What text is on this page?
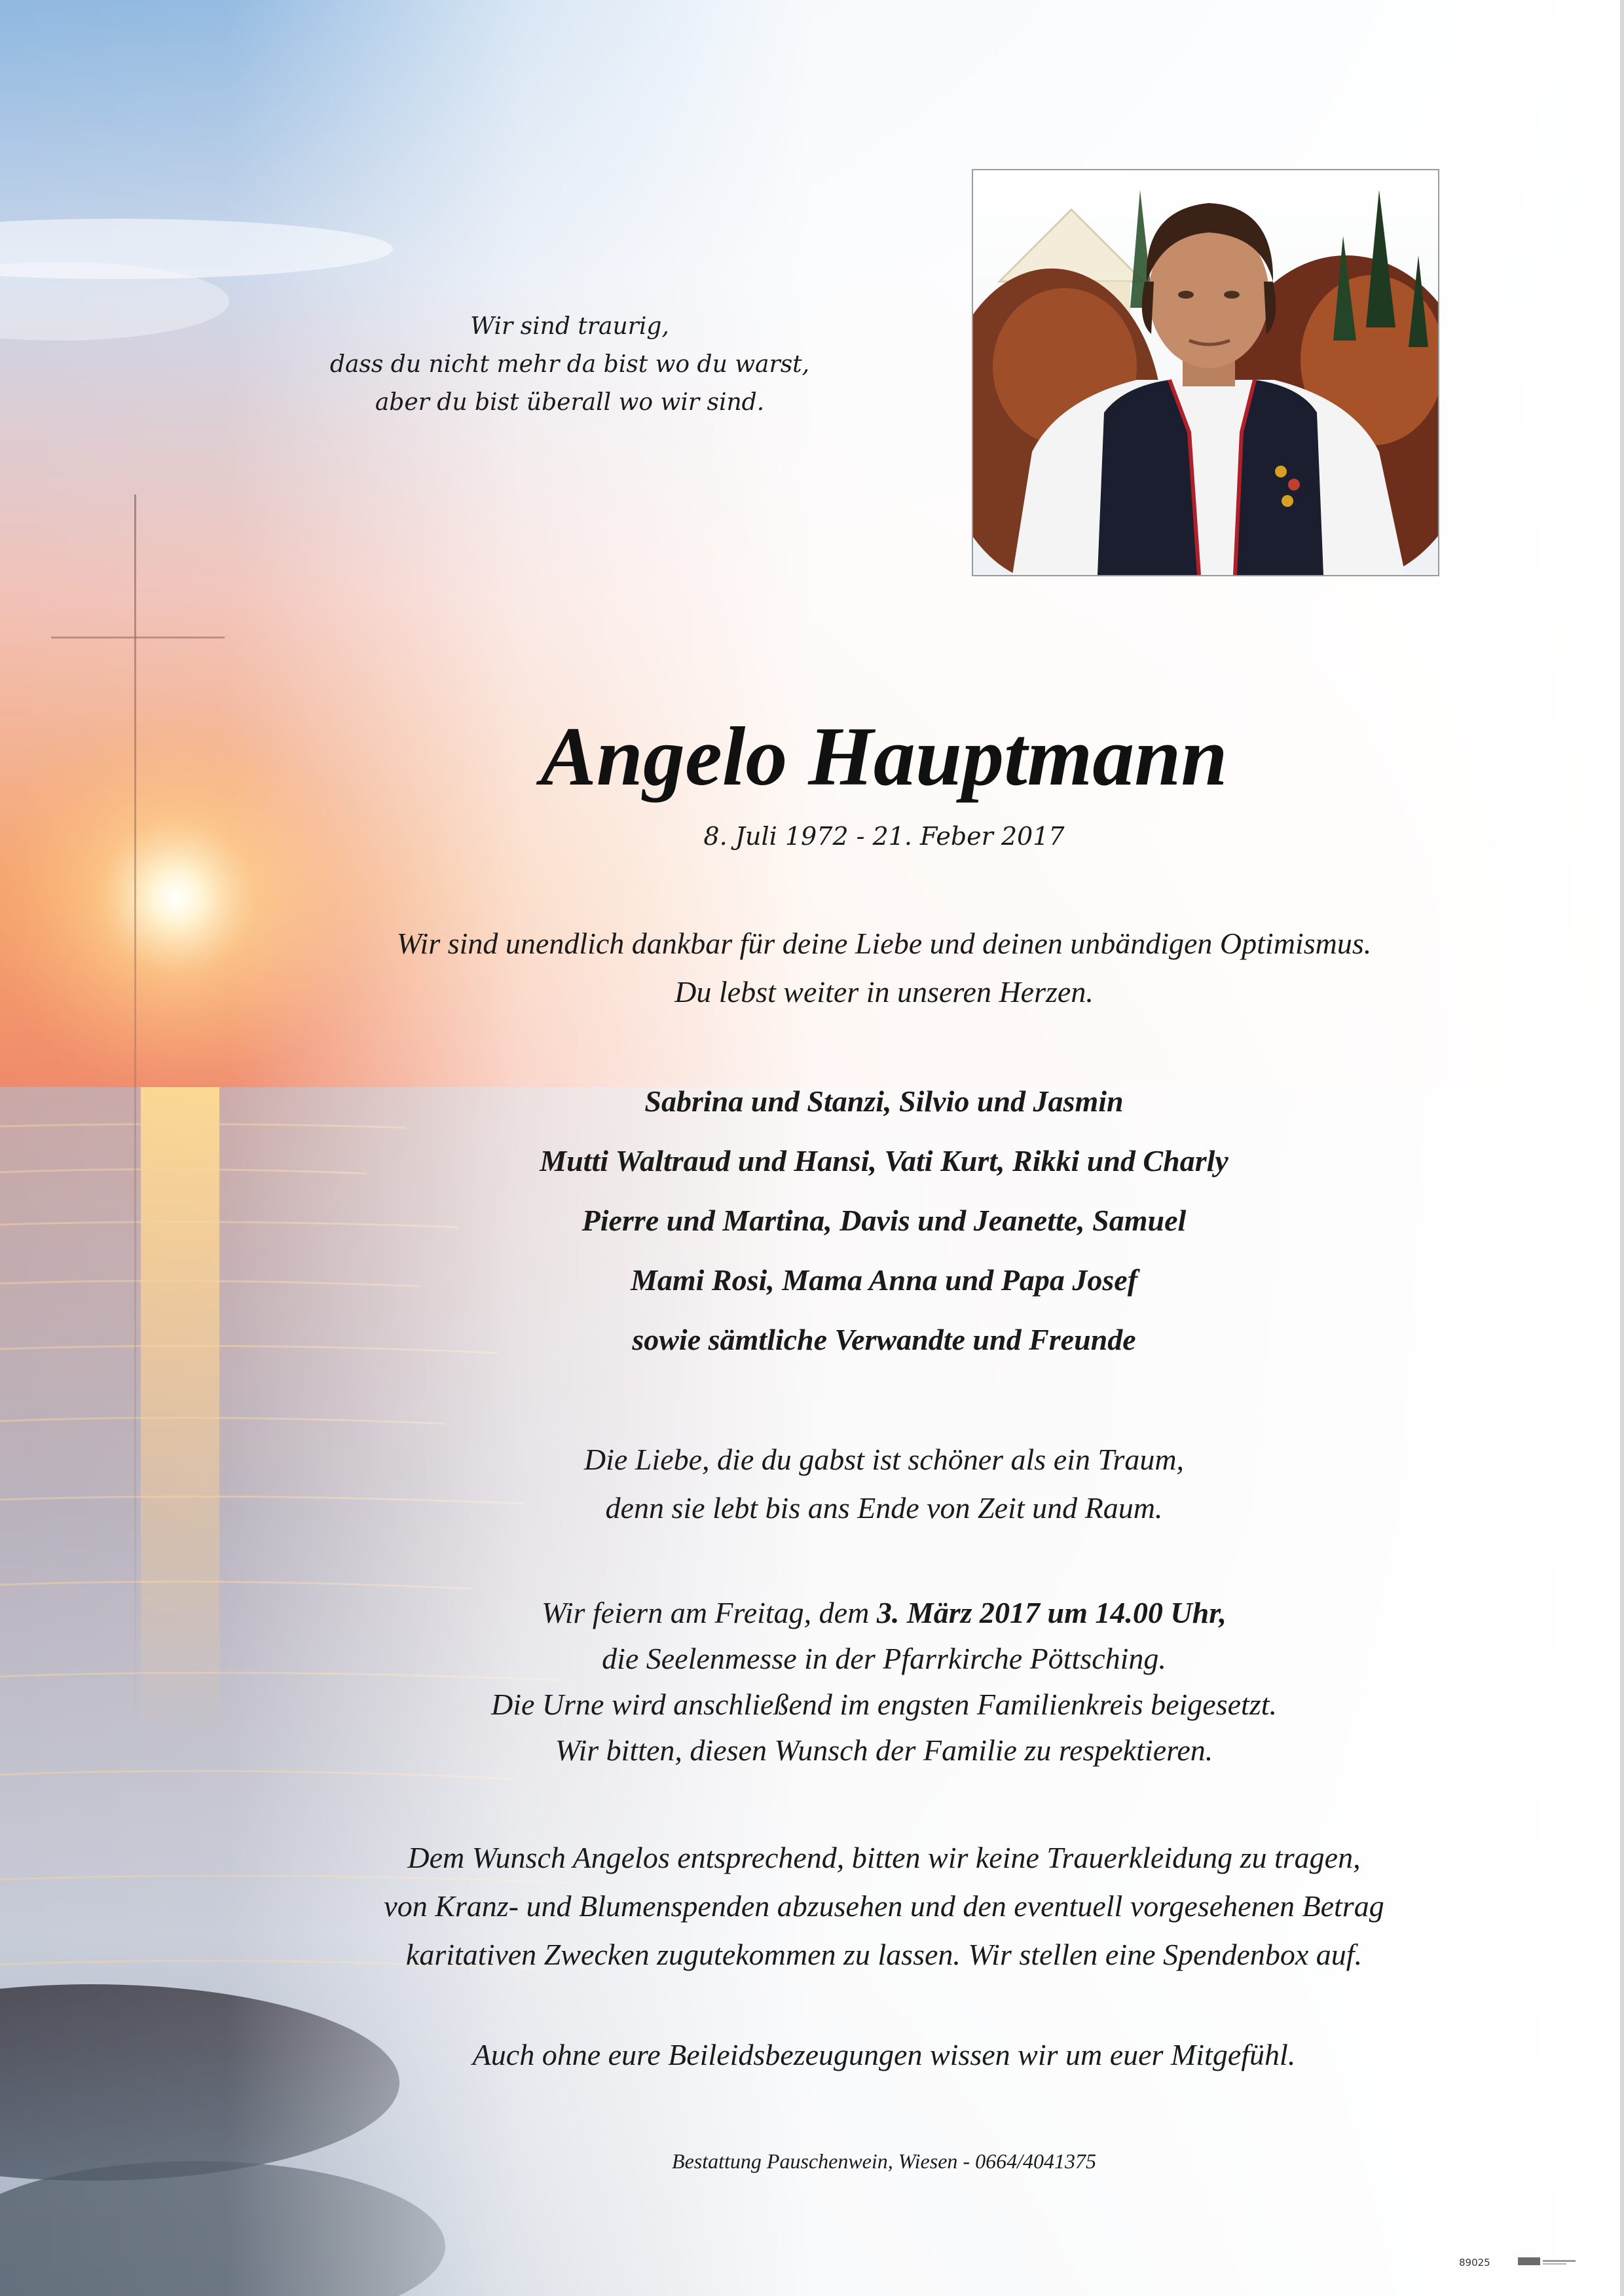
Wir sind traurig,
dass du nicht mehr da bist wo du warst,
aber du bist überall wo wir sind.
Angelo Hauptmann
8. Juli 1972 - 21. Feber 2017
Wir sind unendlich dankbar für deine Liebe und deinen unbändigen Optimismus.
Du lebst weiter in unseren Herzen.
Sabrina und Stanzi, Silvio und Jasmin
Mutti Waltraud und Hansi, Vati Kurt, Rikki und Charly
Pierre und Martina, Davis und Jeanette, Samuel
Mami Rosi, Mama Anna und Papa Josef
sowie sämtliche Verwandte und Freunde
Die Liebe, die du gabst ist schöner als ein Traum,
denn sie lebt bis ans Ende von Zeit und Raum.
Wir feiern am Freitag, dem 3. März 2017 um 14.00 Uhr,
die Seelenmesse in der Pfarrkirche Pöttsching.
Die Urne wird anschließend im engsten Familienkreis beigesetzt.
Wir bitten, diesen Wunsch der Familie zu respektieren.
Dem Wunsch Angelos entsprechend, bitten wir keine Trauerkleidung zu tragen,
von Kranz- und Blumenspenden abzusehen und den eventuell vorgesehenen Betrag
karitativen Zwecken zugutekommen zu lassen. Wir stellen eine Spendenbox auf.
Auch ohne eure Beileidsbezeugungen wissen wir um euer Mitgefühl.
Bestattung Pauschenwein, Wiesen - 0664/4041375
89025
